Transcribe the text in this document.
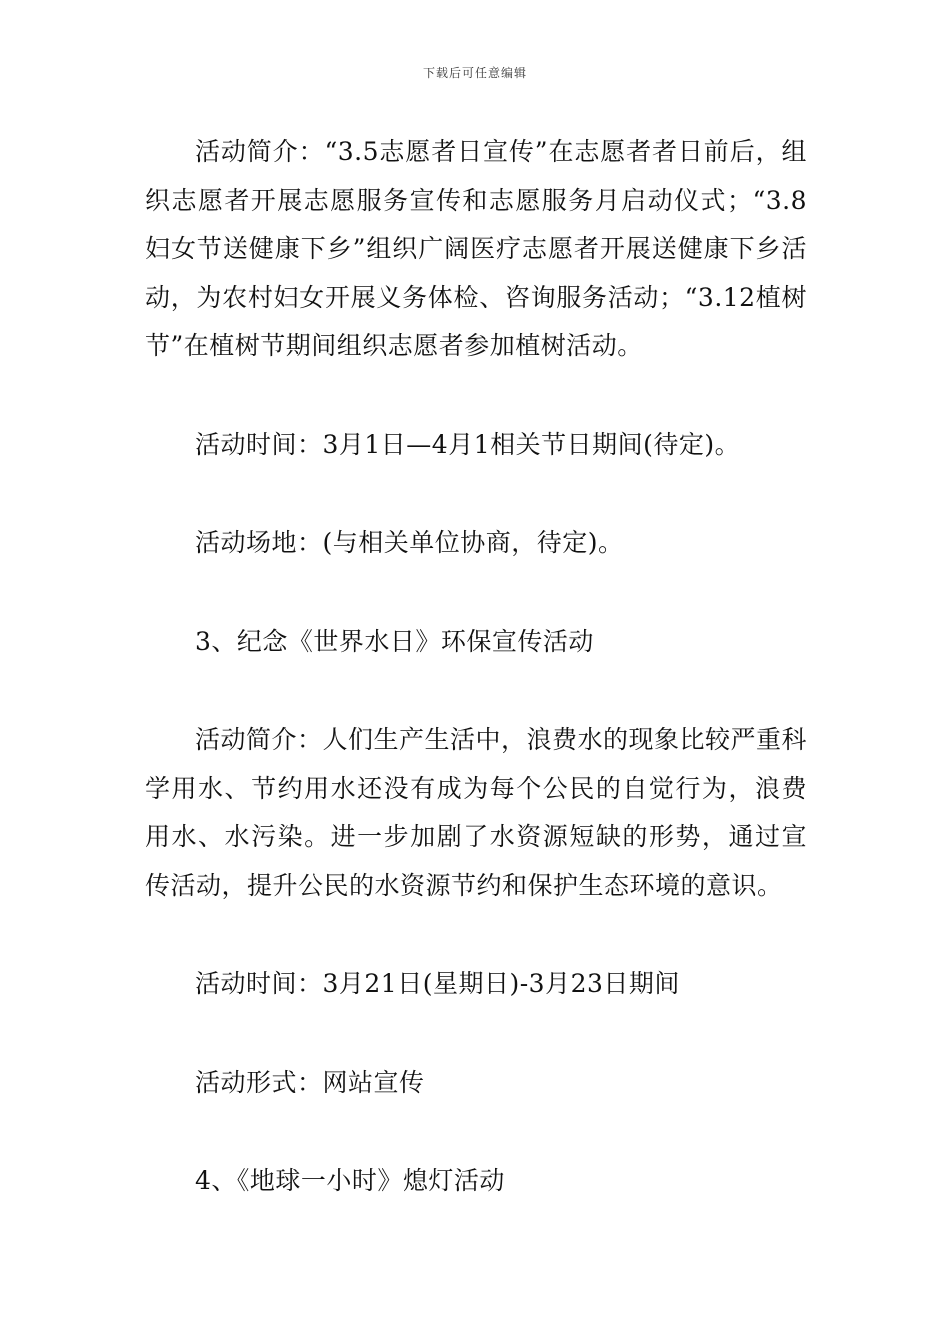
下载后可任意编辑

活动简介：“3.5志愿者日宣传”在志愿者者日前后，组织志愿者开展志愿服务宣传和志愿服务月启动仪式；“3.8妇女节送健康下乡”组织广阔医疗志愿者开展送健康下乡活动，为农村妇女开展义务体检、咨询服务活动；“3.12植树节”在植树节期间组织志愿者参加植树活动。

活动时间：3月1日—4月1相关节日期间(待定)。

活动场地：(与相关单位协商，待定)。

3、纪念《世界水日》环保宣传活动

活动简介：人们生产生活中，浪费水的现象比较严重科学用水、节约用水还没有成为每个公民的自觉行为，浪费用水、水污染。进一步加剧了水资源短缺的形势，通过宣传活动，提升公民的水资源节约和保护生态环境的意识。

活动时间：3月21日(星期日)-3月23日期间

活动形式：网站宣传

4、《地球一小时》熄灯活动
